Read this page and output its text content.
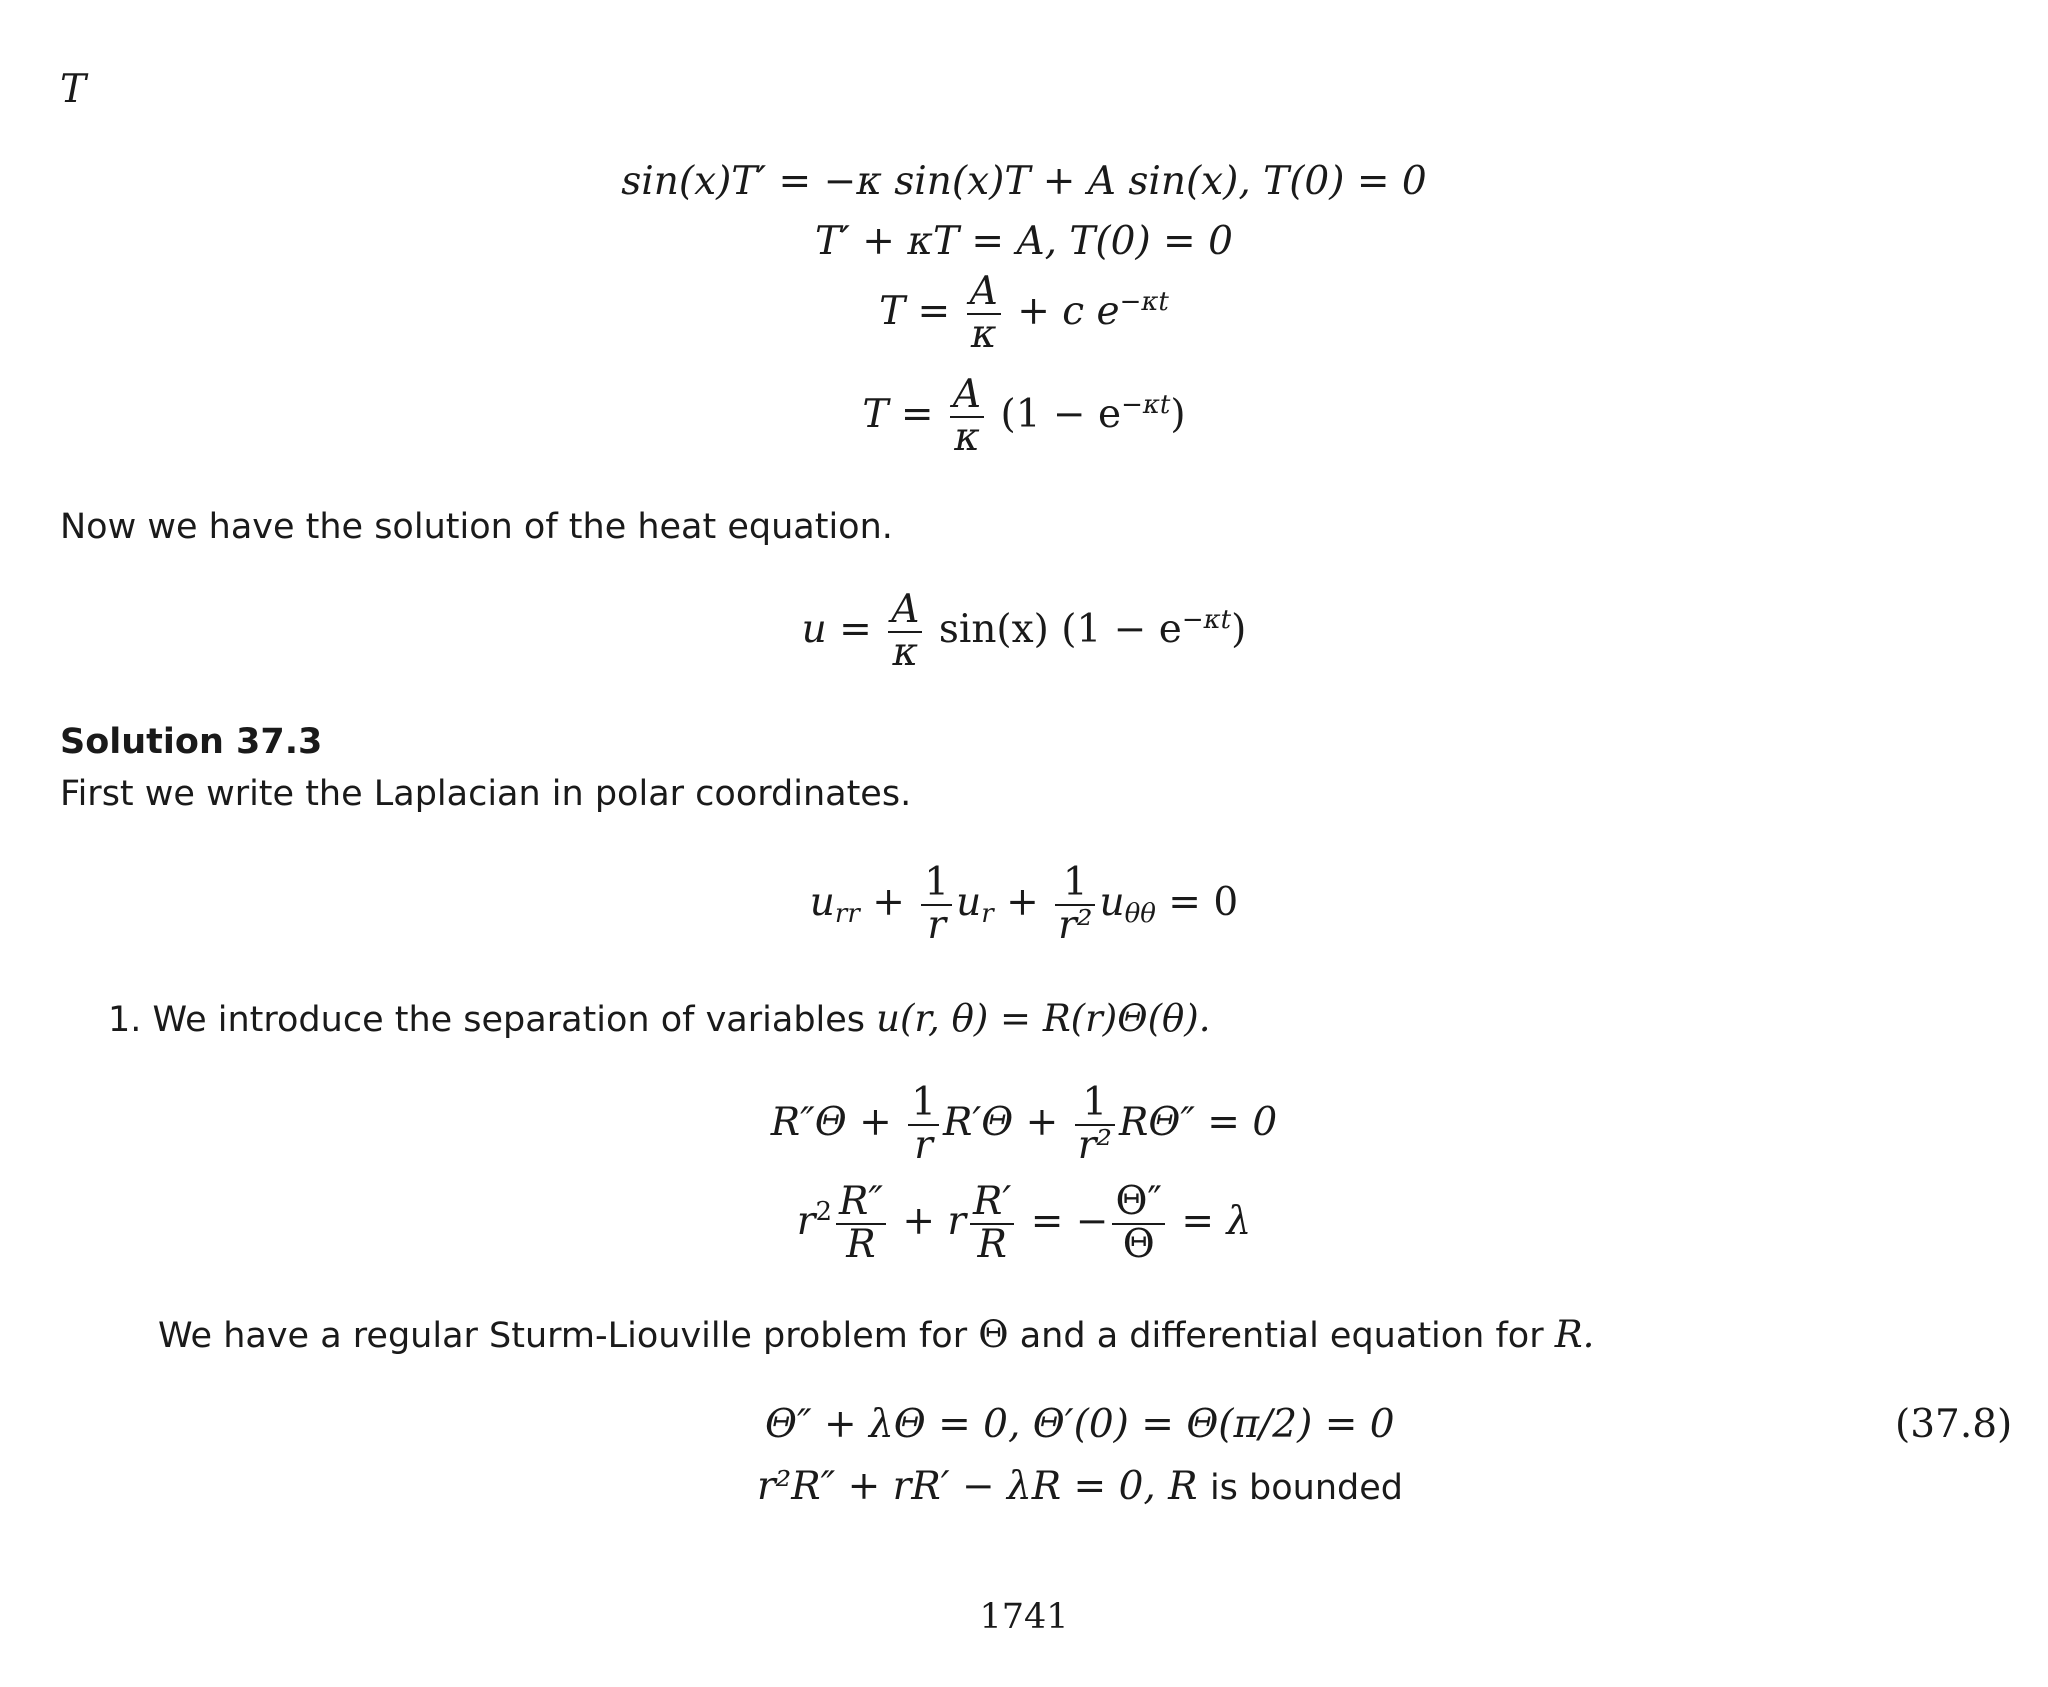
T
sin(x)T′ = −κ sin(x)T + A sin(x), T(0) = 0
T′ + κT = A, T(0) = 0
$T = \frac{A}{\kappa} + c$ $e^{-\kappa t}$
$T = \frac{A}{\kappa} (1 - e^{-\kappa t})$
Now we have the solution of the heat equation.
$u = \frac{A}{\kappa} \sin(x) (1 - e^{-\kappa t})$
Solution 37.3
First we write the Laplacian in polar coordinates.
urr + $\frac{1}{r}$ ur + $\frac{1}{\text{r²}}$ uθθ = 0
1. We introduce the separation of variables u(r, θ) = R(r)Θ(θ).
$R''\Theta + \frac{1}{r} R'\Theta + \frac{1}{\text{r²}} R\Theta'' = 0$
$r^2 \frac{R''}{R} + r \frac{R'}{R}$ = − $\frac{\Theta''}{\Theta} = \lambda$
We have a regular Sturm-Liouville problem for Θ and a differential equation for R.
Θ″ + λΘ = 0, Θ′(0) = Θ(π/2) = 0	(37.8)
r²R″ + rR′ − λR = 0, R is bounded
1741
